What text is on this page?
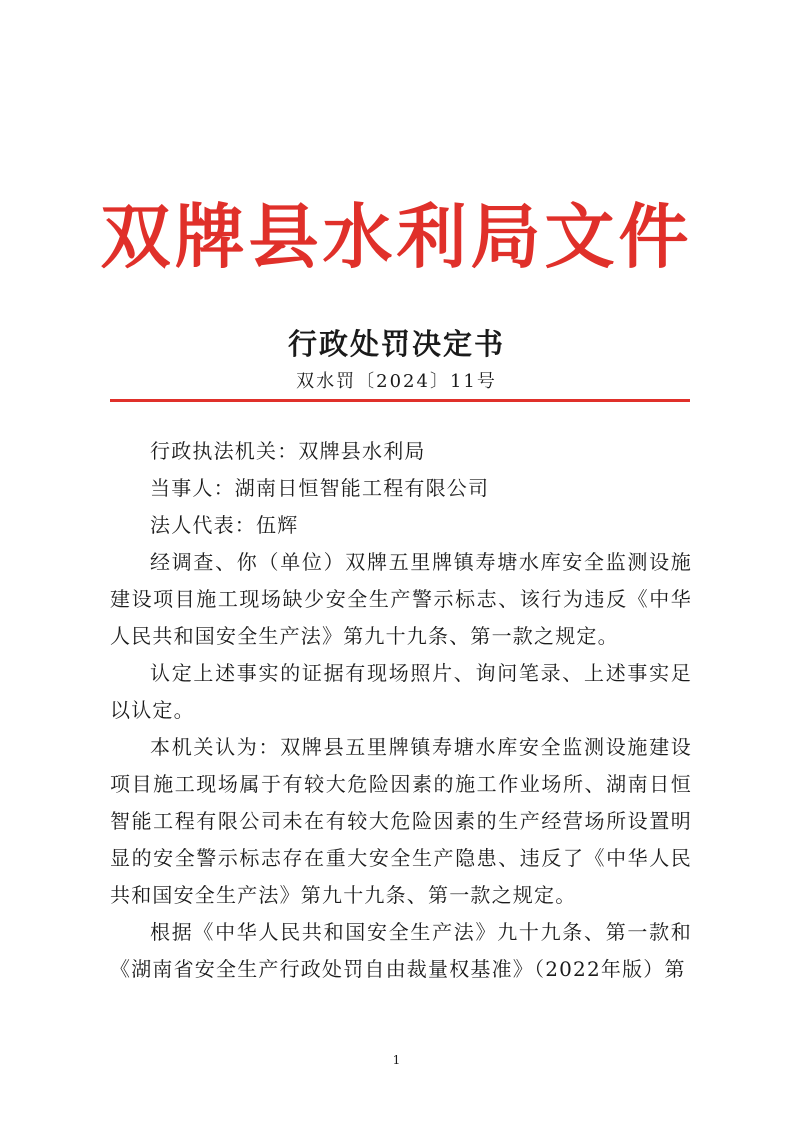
双牌县水利局文件
行政处罚决定书
双水罚〔2024〕11号

行政执法机关：双牌县水利局

当事人：湖南日恒智能工程有限公司

法人代表：伍辉

经调查、你（单位）双牌五里牌镇寿塘水库安全监测设施建设项目施工现场缺少安全生产警示标志、该行为违反《中华人民共和国安全生产法》第九十九条、第一款之规定。

认定上述事实的证据有现场照片、询问笔录、上述事实足以认定。

本机关认为：双牌县五里牌镇寿塘水库安全监测设施建设项目施工现场属于有较大危险因素的施工作业场所、湖南日恒智能工程有限公司未在有较大危险因素的生产经营场所设置明显的安全警示标志存在重大安全生产隐患、违反了《中华人民共和国安全生产法》第九十九条、第一款之规定。

根据《中华人民共和国安全生产法》九十九条、第一款和《湖南省安全生产行政处罚自由裁量权基准》（2022年版）第

1
